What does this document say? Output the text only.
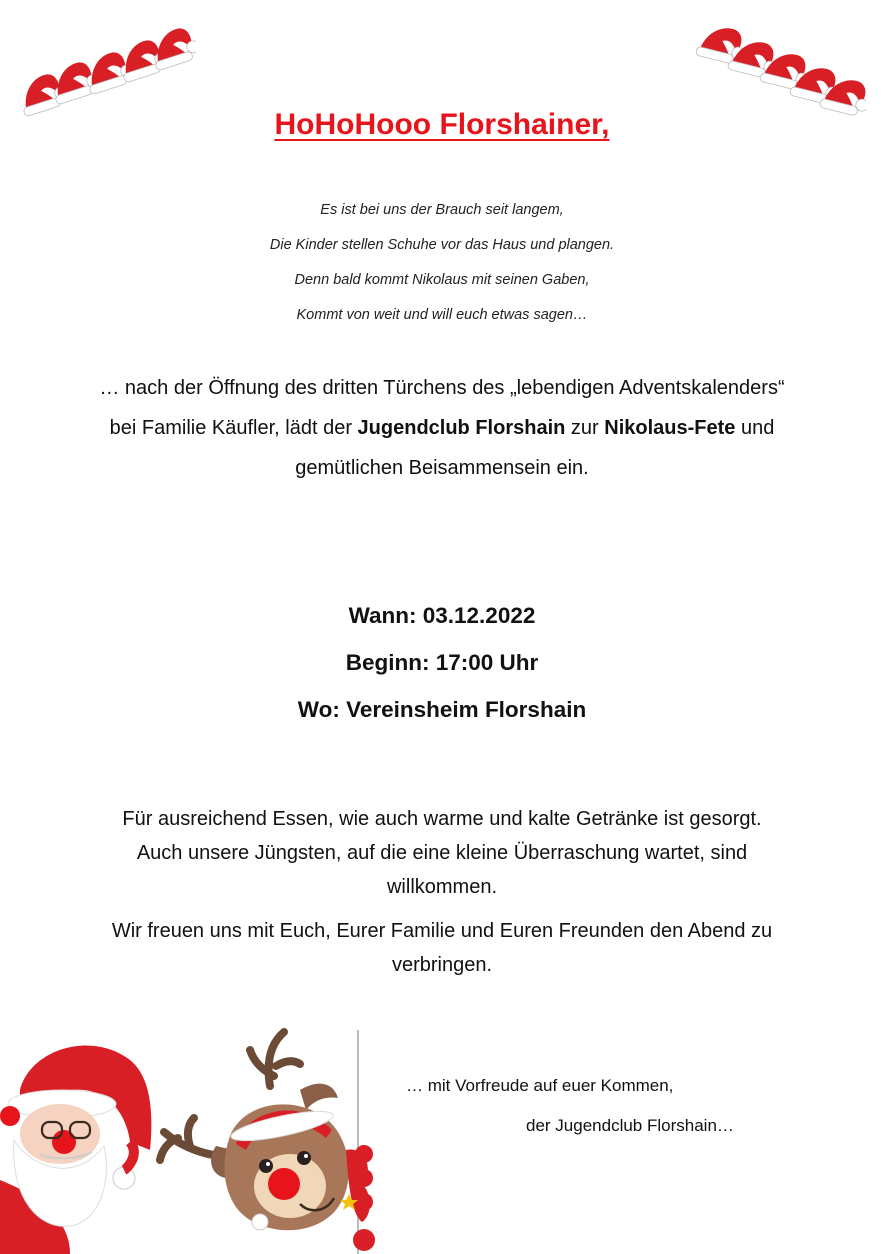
HoHoHooo Florshainer,
Es ist bei uns der Brauch seit langem,
Die Kinder stellen Schuhe vor das Haus und plangen.
Denn bald kommt Nikolaus mit seinen Gaben,
Kommt von weit und will euch etwas sagen…
… nach der Öffnung des dritten Türchens des „lebendigen Adventskalenders“ bei Familie Käufler, lädt der Jugendclub Florshain zur Nikolaus-Fete und gemütlichen Beisammensein ein.
Wann: 03.12.2022
Beginn: 17:00 Uhr
Wo: Vereinsheim Florshain

Für ausreichend Essen, wie auch warme und kalte Getränke ist gesorgt. Auch unsere Jüngsten, auf die eine kleine Überraschung wartet, sind willkommen.

Wir freuen uns mit Euch, Eurer Familie und Euren Freunden den Abend zu verbringen.

… mit Vorfreude auf euer Kommen,
der Jugendclub Florshain…
